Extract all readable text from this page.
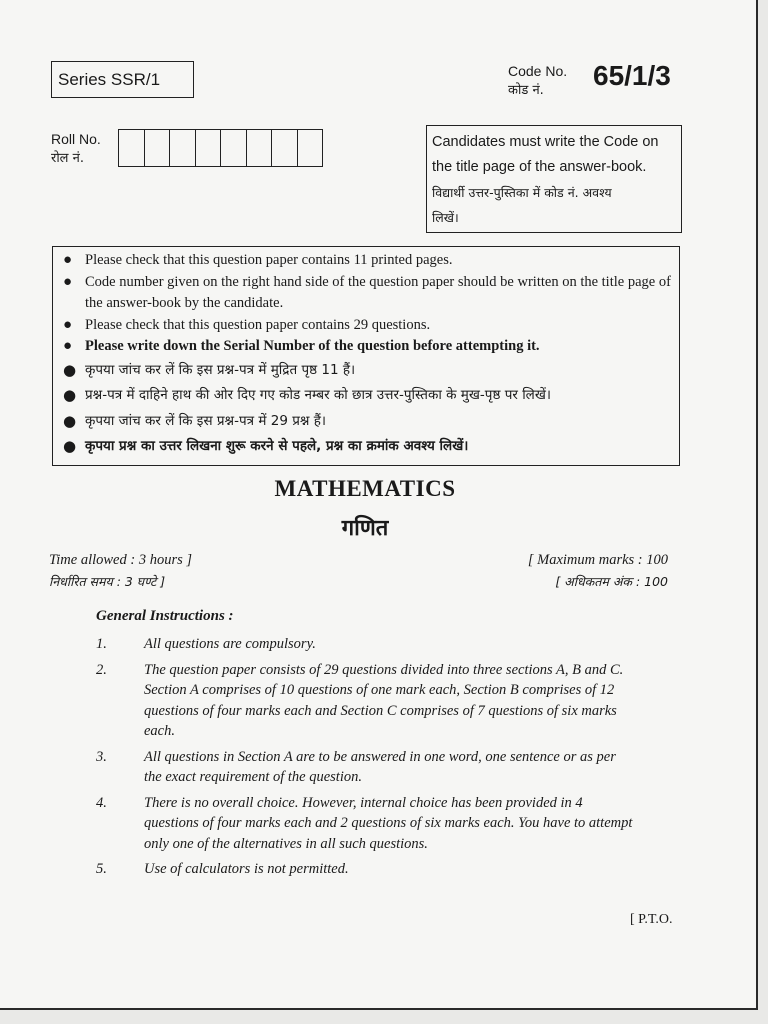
Series SSR/1	Code No.
कोड नं.	65/1/3
Roll No.
रोल नं.
Candidates must write the Code on
the title page of the answer-book.
विद्यार्थी उत्तर-पुस्तिका में कोड नं. अवश्य
लिखें।
● Please check that this question paper contains 11 printed pages.
● Code number given on the right hand side of the question paper should be written on the title page of the answer-book by the candidate.
● Please check that this question paper contains 29 questions.
● Please write down the Serial Number of the question before attempting it.
● कृपया जांच कर लें कि इस प्रश्न-पत्र में मुद्रित पृष्ठ 11 हैं।
● प्रश्न-पत्र में दाहिने हाथ की ओर दिए गए कोड नम्बर को छात्र उत्तर-पुस्तिका के मुख-पृष्ठ पर लिखें।
● कृपया जांच कर लें कि इस प्रश्न-पत्र में 29 प्रश्न हैं।
● कृपया प्रश्न का उत्तर लिखना शुरू करने से पहले, प्रश्न का क्रमांक अवश्य लिखें।
MATHEMATICS
गणित
Time allowed : 3 hours ]
निर्धारित समय : 3 घण्टे ]
[ Maximum marks : 100
[ अधिकतम अंक : 100
General Instructions :
1.	All questions are compulsory.
2.	The question paper consists of 29 questions divided into three sections A, B and C. Section A comprises of 10 questions of one mark each, Section B comprises of 12 questions of four marks each and Section C comprises of 7 questions of six marks each.
3.	All questions in Section A are to be answered in one word, one sentence or as per the exact requirement of the question.
4.	There is no overall choice. However, internal choice has been provided in 4 questions of four marks each and 2 questions of six marks each. You have to attempt only one of the alternatives in all such questions.
5.	Use of calculators is not permitted.
[ P.T.O.
